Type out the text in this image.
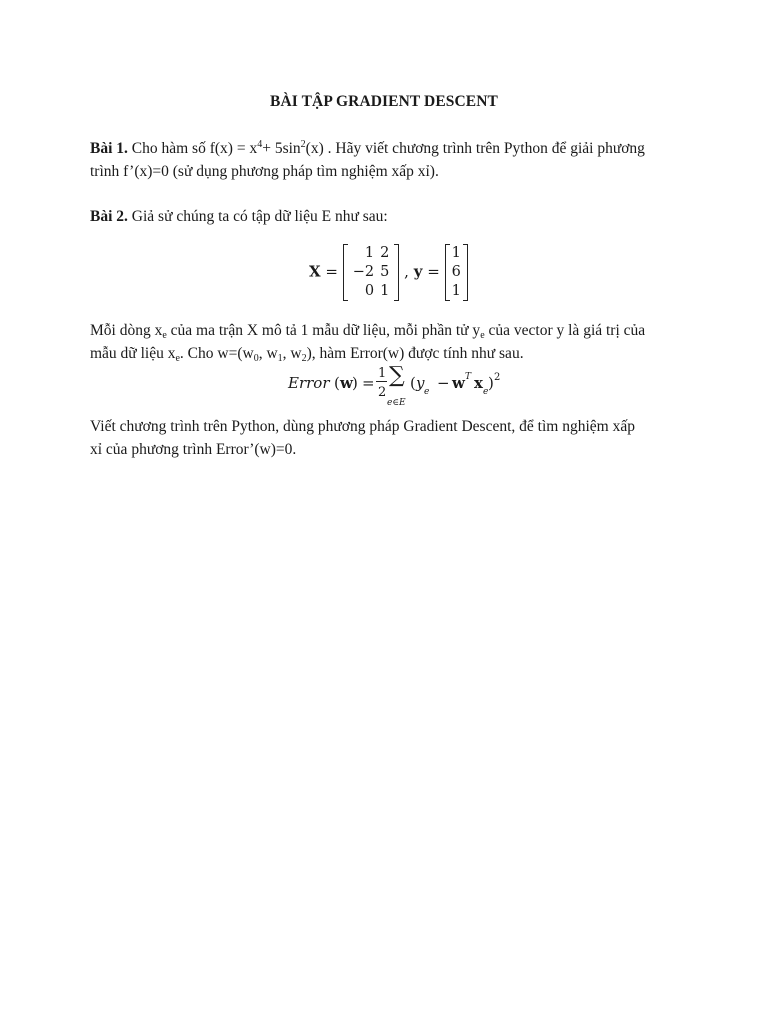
BÀI TẬP GRADIENT DESCENT
Bài 1. Cho hàm số $f(x) = x^4+ 5\sin^2(x)$ . Hãy viết chương trình trên Python để giải phương
trình f’(x)=0 (sử dụng phương pháp tìm nghiệm xấp xỉ).
Bài 2. Giả sử chúng ta có tập dữ liệu E như sau:
X =
1	2
−2	5
0	1
, y =
1
6
1
Mỗi dòng $x_e$ của ma trận X mô tả 1 mẫu dữ liệu, mỗi phần tử $y_e$ của vector y là giá trị của
mẫu dữ liệu $x_e$. Cho $w=(w_0$, $w_1$, $w_2$), hàm Error(w) được tính như sau.
Error ( w ) =
1
2
∑
e∈E
( y e − w T x e ) 2
Viết chương trình trên Python, dùng phương pháp Gradient Descent, để tìm nghiệm xấp
xỉ của phương trình Error’(w)=0.
